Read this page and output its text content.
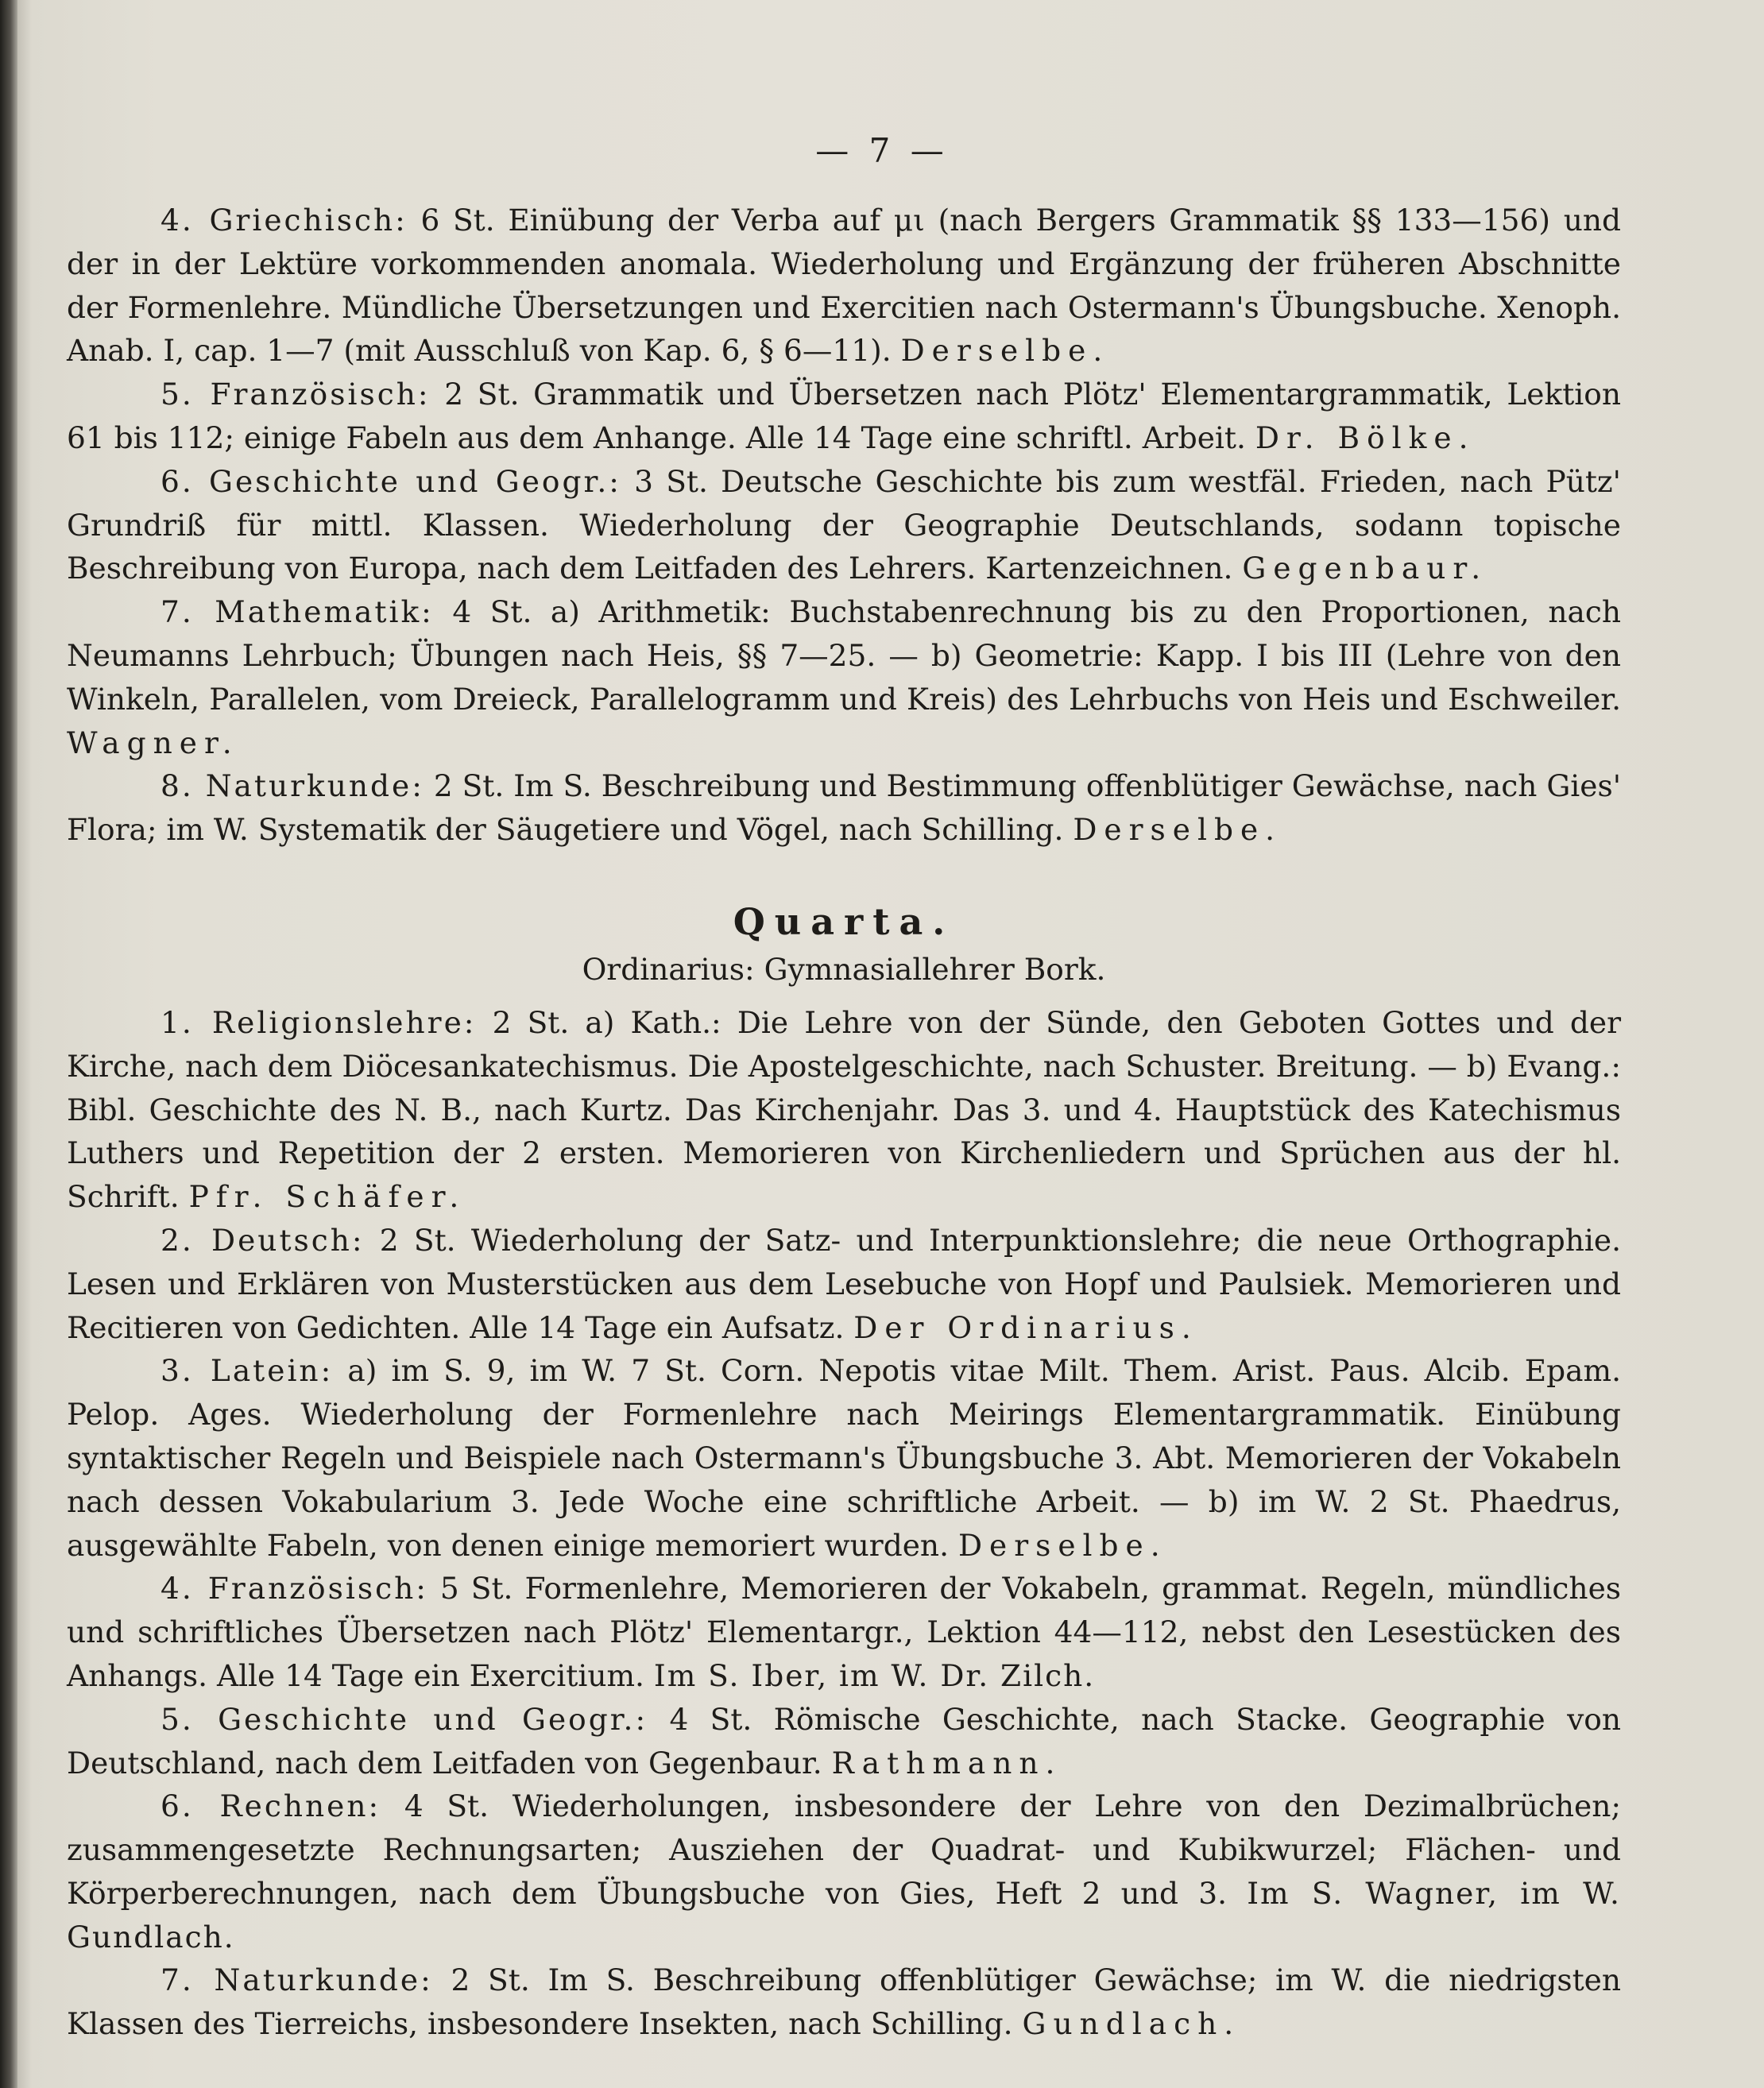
— 7 —

4. Griechisch: 6 St. Einübung der Verba auf μι (nach Bergers Grammatik §§ 133—156) und der in der Lektüre vorkommenden anomala. Wiederholung und Ergänzung der früheren Abschnitte der Formenlehre. Mündliche Übersetzungen und Exercitien nach Ostermann's Übungsbuche. Xenoph. Anab. I, cap. 1—7 (mit Ausschluß von Kap. 6, § 6—11). Derselbe.

5. Französisch: 2 St. Grammatik und Übersetzen nach Plötz' Elementargrammatik, Lektion 61 bis 112; einige Fabeln aus dem Anhange. Alle 14 Tage eine schriftl. Arbeit. Dr. Bölke.

6. Geschichte und Geogr.: 3 St. Deutsche Geschichte bis zum westfäl. Frieden, nach Pütz' Grundriß für mittl. Klassen. Wiederholung der Geographie Deutschlands, sodann topische Beschreibung von Europa, nach dem Leitfaden des Lehrers. Kartenzeichnen. Gegenbaur.

7. Mathematik: 4 St. a) Arithmetik: Buchstabenrechnung bis zu den Proportionen, nach Neumanns Lehrbuch; Übungen nach Heis, §§ 7—25. — b) Geometrie: Kapp. I bis III (Lehre von den Winkeln, Parallelen, vom Dreieck, Parallelogramm und Kreis) des Lehrbuchs von Heis und Eschweiler. Wagner.

8. Naturkunde: 2 St. Im S. Beschreibung und Bestimmung offenblütiger Gewächse, nach Gies' Flora; im W. Systematik der Säugetiere und Vögel, nach Schilling. Derselbe.

Quarta.
Ordinarius: Gymnasiallehrer Bork.

1. Religionslehre: 2 St. a) Kath.: Die Lehre von der Sünde, den Geboten Gottes und der Kirche, nach dem Diöcesankatechismus. Die Apostelgeschichte, nach Schuster. Breitung. — b) Evang.: Bibl. Geschichte des N. B., nach Kurtz. Das Kirchenjahr. Das 3. und 4. Hauptstück des Katechismus Luthers und Repetition der 2 ersten. Memorieren von Kirchenliedern und Sprüchen aus der hl. Schrift. Pfr. Schäfer.

2. Deutsch: 2 St. Wiederholung der Satz- und Interpunktionslehre; die neue Orthographie. Lesen und Erklären von Musterstücken aus dem Lesebuche von Hopf und Paulsiek. Memorieren und Recitieren von Gedichten. Alle 14 Tage ein Aufsatz. Der Ordinarius.

3. Latein: a) im S. 9, im W. 7 St. Corn. Nepotis vitae Milt. Them. Arist. Paus. Alcib. Epam. Pelop. Ages. Wiederholung der Formenlehre nach Meirings Elementargrammatik. Einübung syntaktischer Regeln und Beispiele nach Ostermann's Übungsbuche 3. Abt. Memorieren der Vokabeln nach dessen Vokabularium 3. Jede Woche eine schriftliche Arbeit. — b) im W. 2 St. Phaedrus, ausgewählte Fabeln, von denen einige memoriert wurden. Derselbe.

4. Französisch: 5 St. Formenlehre, Memorieren der Vokabeln, grammat. Regeln, mündliches und schriftliches Übersetzen nach Plötz' Elementargr., Lektion 44—112, nebst den Lesestücken des Anhangs. Alle 14 Tage ein Exercitium. Im S. Iber, im W. Dr. Zilch.

5. Geschichte und Geogr.: 4 St. Römische Geschichte, nach Stacke. Geographie von Deutschland, nach dem Leitfaden von Gegenbaur. Rathmann.

6. Rechnen: 4 St. Wiederholungen, insbesondere der Lehre von den Dezimalbrüchen; zusammengesetzte Rechnungsarten; Ausziehen der Quadrat- und Kubikwurzel; Flächen- und Körperberechnungen, nach dem Übungsbuche von Gies, Heft 2 und 3. Im S. Wagner, im W. Gundlach.

7. Naturkunde: 2 St. Im S. Beschreibung offenblütiger Gewächse; im W. die niedrigsten Klassen des Tierreichs, insbesondere Insekten, nach Schilling. Gundlach.
